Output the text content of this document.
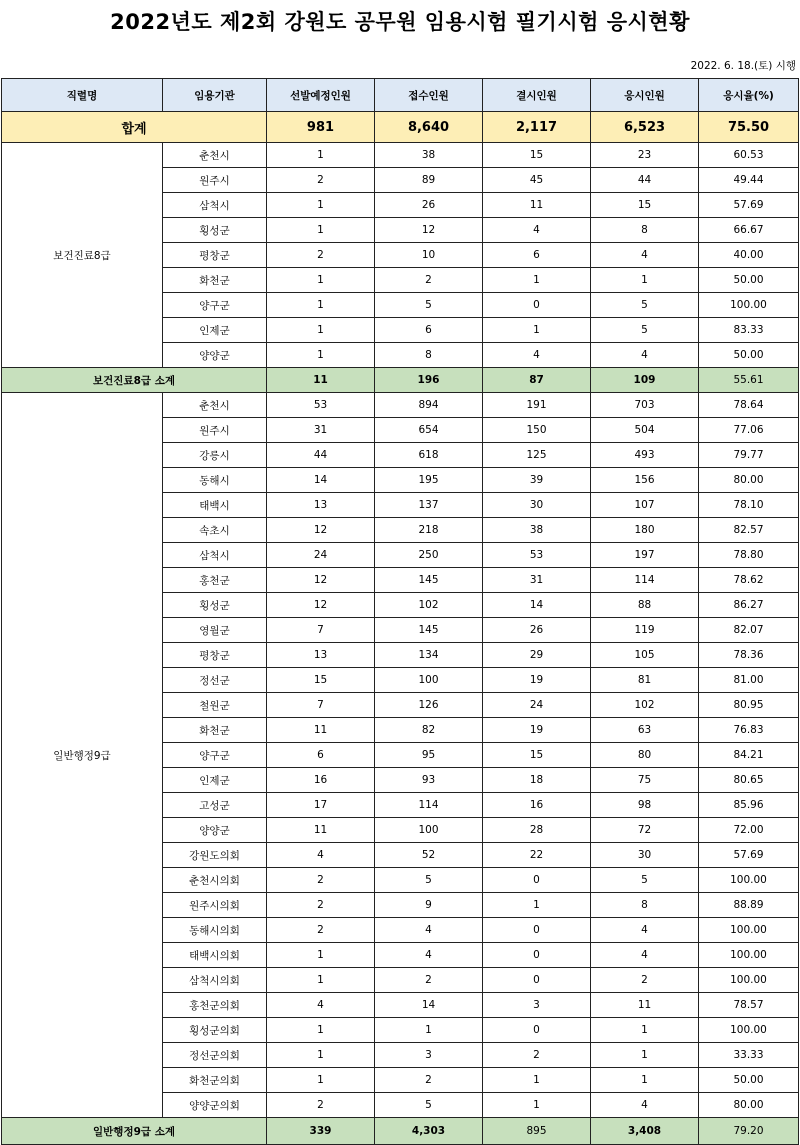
2022년도 제2회 강원도 공무원 임용시험 필기시험 응시현황
2022. 6. 18.(토) 시행
직렬명	임용기관	선발예정인원	접수인원	결시인원	응시인원	응시율(%)
합계		981	8,640	2,117	6,523	75.50
보건진료8급	춘천시	1	38	15	23	60.53
	원주시	2	89	45	44	49.44
	삼척시	1	26	11	15	57.69
	횡성군	1	12	4	8	66.67
	평창군	2	10	6	4	40.00
	화천군	1	2	1	1	50.00
	양구군	1	5	0	5	100.00
	인제군	1	6	1	5	83.33
	양양군	1	8	4	4	50.00
보건진료8급 소계		11	196	87	109	55.61
일반행정9급	춘천시	53	894	191	703	78.64
	원주시	31	654	150	504	77.06
	강릉시	44	618	125	493	79.77
	동해시	14	195	39	156	80.00
	태백시	13	137	30	107	78.10
	속초시	12	218	38	180	82.57
	삼척시	24	250	53	197	78.80
	홍천군	12	145	31	114	78.62
	횡성군	12	102	14	88	86.27
	영월군	7	145	26	119	82.07
	평창군	13	134	29	105	78.36
	정선군	15	100	19	81	81.00
	철원군	7	126	24	102	80.95
	화천군	11	82	19	63	76.83
	양구군	6	95	15	80	84.21
	인제군	16	93	18	75	80.65
	고성군	17	114	16	98	85.96
	양양군	11	100	28	72	72.00
	강원도의회	4	52	22	30	57.69
	춘천시의회	2	5	0	5	100.00
	원주시의회	2	9	1	8	88.89
	동해시의회	2	4	0	4	100.00
	태백시의회	1	4	0	4	100.00
	삼척시의회	1	2	0	2	100.00
	홍천군의회	4	14	3	11	78.57
	횡성군의회	1	1	0	1	100.00
	정선군의회	1	3	2	1	33.33
	화천군의회	1	2	1	1	50.00
	양양군의회	2	5	1	4	80.00
일반행정9급 소계		339	4,303	895	3,408	79.20
